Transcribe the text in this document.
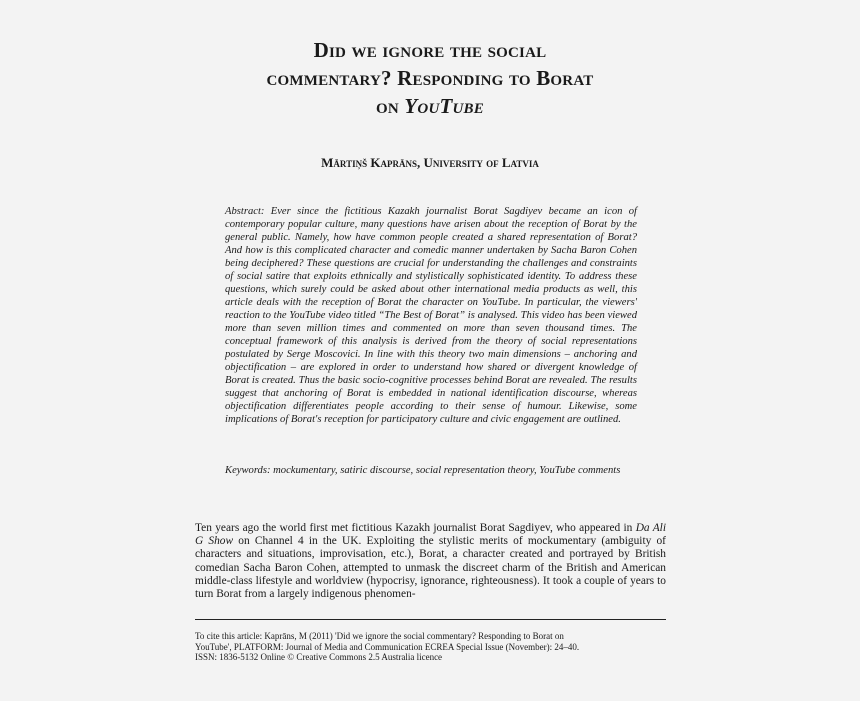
Did we ignore the social
commentary? Responding to Borat
on YouTube
Mārtiņš Kaprāns, University of Latvia

Abstract: Ever since the fictitious Kazakh journalist Borat Sagdiyev became an icon of contemporary popular culture, many questions have arisen about the reception of Borat by the general public. Namely, how have common people created a shared representation of Borat? And how is this complicated character and comedic manner undertaken by Sacha Baron Cohen being deciphered? These questions are crucial for understanding the challenges and constraints of social satire that exploits ethnically and stylistically sophisticated identity. To address these questions, which surely could be asked about other international media products as well, this article deals with the reception of Borat the character on YouTube. In particular, the viewers' reaction to the YouTube video titled “The Best of Borat” is analysed. This video has been viewed more than seven million times and commented on more than seven thousand times. The conceptual framework of this analysis is derived from the theory of social representations postulated by Serge Moscovici. In line with this theory two main dimensions – anchoring and objectification – are explored in order to understand how shared or divergent knowledge of Borat is created. Thus the basic socio-cognitive processes behind Borat are revealed. The results suggest that anchoring of Borat is embedded in national identification discourse, whereas objectification differentiates people according to their sense of humour. Likewise, some implications of Borat's reception for participatory culture and civic engagement are outlined.

Keywords: mockumentary, satiric discourse, social representation theory, YouTube comments
Ten years ago the world first met fictitious Kazakh journalist Borat Sagdiyev, who appeared in Da Ali G Show on Channel 4 in the UK. Exploiting the stylistic merits of mockumentary (ambiguity of characters and situations, improvisation, etc.), Borat, a character created and portrayed by British comedian Sacha Baron Cohen, attempted to unmask the discreet charm of the British and American middle-class lifestyle and worldview (hypocrisy, ignorance, righteousness). It took a couple of years to turn Borat from a largely indigenous phenomen-
To cite this article: Kaprāns, M (2011) 'Did we ignore the social commentary? Responding to Borat on
YouTube', PLATFORM: Journal of Media and Communication ECREA Special Issue (November): 24–40.
ISSN: 1836-5132 Online © Creative Commons 2.5 Australia licence
